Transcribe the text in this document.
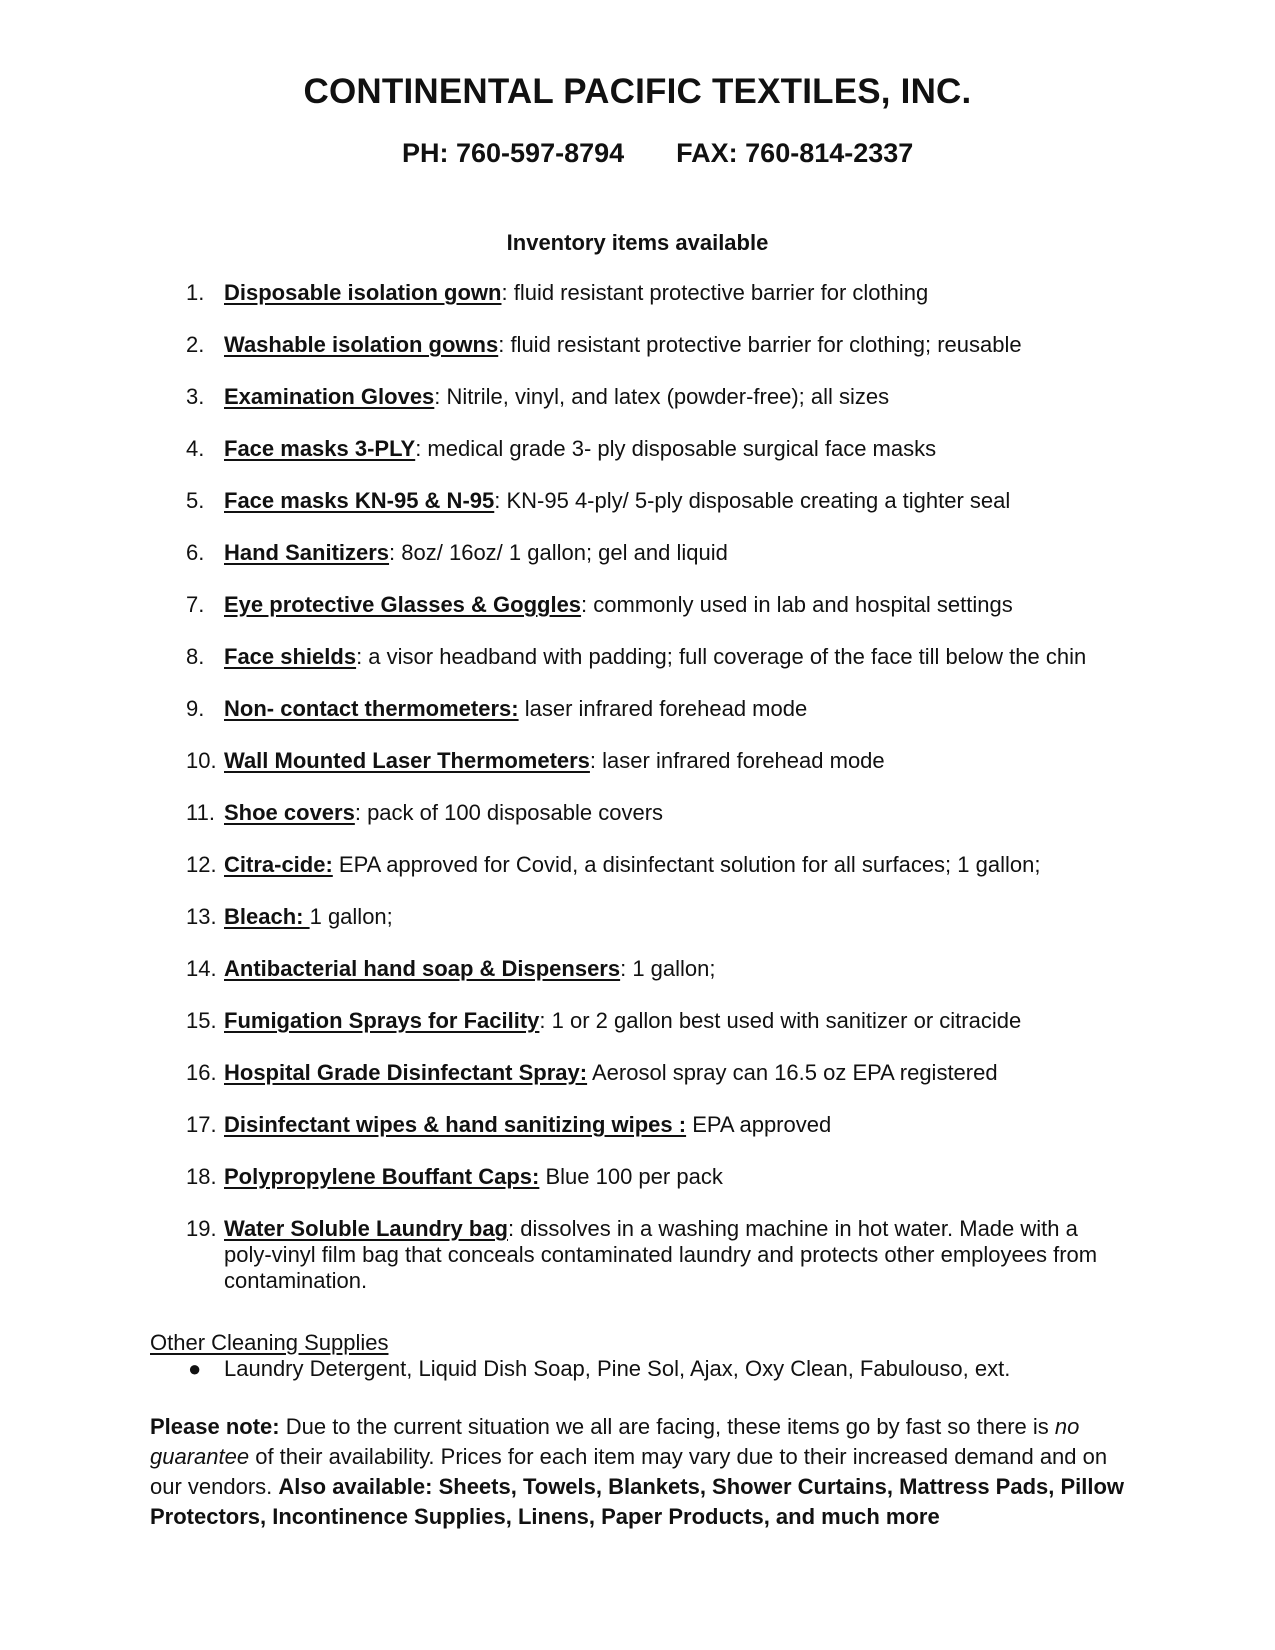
CONTINENTAL PACIFIC TEXTILES, INC.
PH: 760-597-8794 FAX: 760-814-2337
Inventory items available
1. Disposable isolation gown: fluid resistant protective barrier for clothing
2. Washable isolation gowns: fluid resistant protective barrier for clothing; reusable
3. Examination Gloves: Nitrile, vinyl, and latex (powder-free); all sizes
4. Face masks 3-PLY: medical grade 3- ply disposable surgical face masks
5. Face masks KN-95 & N-95: KN-95 4-ply/ 5-ply disposable creating a tighter seal
6. Hand Sanitizers: 8oz/ 16oz/ 1 gallon; gel and liquid
7. Eye protective Glasses & Goggles: commonly used in lab and hospital settings
8. Face shields: a visor headband with padding; full coverage of the face till below the chin
9. Non- contact thermometers: laser infrared forehead mode
10. Wall Mounted Laser Thermometers: laser infrared forehead mode
11. Shoe covers: pack of 100 disposable covers
12. Citra-cide: EPA approved for Covid, a disinfectant solution for all surfaces; 1 gallon;
13. Bleach: 1 gallon;
14. Antibacterial hand soap & Dispensers: 1 gallon;
15. Fumigation Sprays for Facility: 1 or 2 gallon best used with sanitizer or citracide
16. Hospital Grade Disinfectant Spray: Aerosol spray can 16.5 oz EPA registered
17. Disinfectant wipes & hand sanitizing wipes : EPA approved
18. Polypropylene Bouffant Caps: Blue 100 per pack
19. Water Soluble Laundry bag: dissolves in a washing machine in hot water. Made with a poly-vinyl film bag that conceals contaminated laundry and protects other employees from contamination.
Other Cleaning Supplies
● Laundry Detergent, Liquid Dish Soap, Pine Sol, Ajax, Oxy Clean, Fabulouso, ext.
Please note: Due to the current situation we all are facing, these items go by fast so there is no guarantee of their availability. Prices for each item may vary due to their increased demand and on our vendors. Also available: Sheets, Towels, Blankets, Shower Curtains, Mattress Pads, Pillow Protectors, Incontinence Supplies, Linens, Paper Products, and much more
